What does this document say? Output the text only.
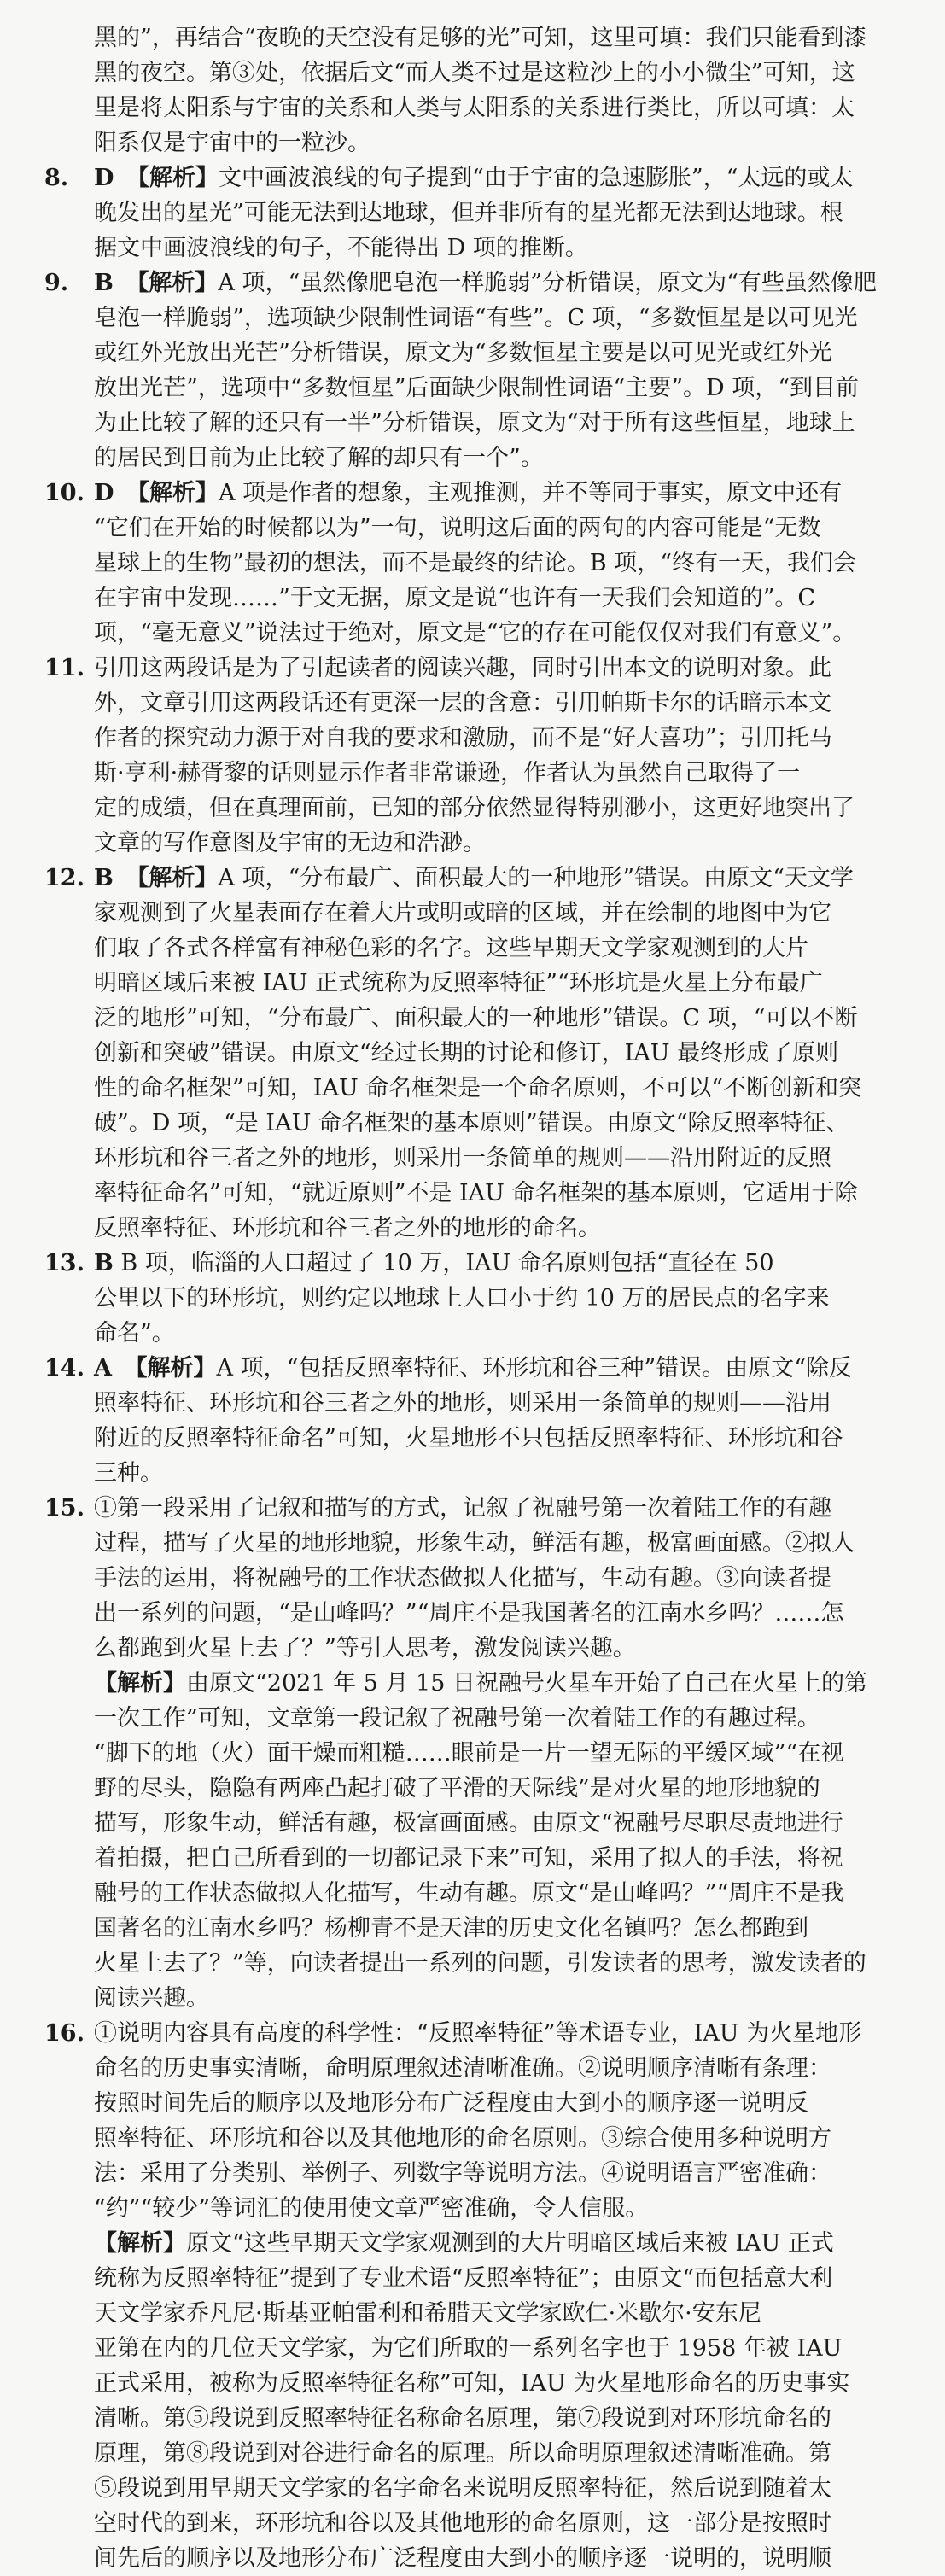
黑的”，再结合“夜晚的天空没有足够的光”可知，这里可填：我们只能看到漆
黑的夜空。第③处，依据后文“而人类不过是这粒沙上的小小微尘”可知，这
里是将太阳系与宇宙的关系和人类与太阳系的关系进行类比，所以可填：太
阳系仅是宇宙中的一粒沙。
8.	D 【解析】文中画波浪线的句子提到“由于宇宙的急速膨胀”，“太远的或太
晚发出的星光”可能无法到达地球，但并非所有的星光都无法到达地球。根
据文中画波浪线的句子，不能得出 D 项的推断。
9.	B 【解析】A 项，“虽然像肥皂泡一样脆弱”分析错误，原文为“有些虽然像肥
皂泡一样脆弱”，选项缺少限制性词语“有些”。C 项，“多数恒星是以可见光
或红外光放出光芒”分析错误，原文为“多数恒星主要是以可见光或红外光
放出光芒”，选项中“多数恒星”后面缺少限制性词语“主要”。D 项，“到目前
为止比较了解的还只有一半”分析错误，原文为“对于所有这些恒星，地球上
的居民到目前为止比较了解的却只有一个”。
10. D 【解析】A 项是作者的想象，主观推测，并不等同于事实，原文中还有
“它们在开始的时候都以为”一句，说明这后面的两句的内容可能是“无数
星球上的生物”最初的想法，而不是最终的结论。B 项，“终有一天，我们会
在宇宙中发现……”于文无据，原文是说“也许有一天我们会知道的”。C
项，“毫无意义”说法过于绝对，原文是“它的存在可能仅仅对我们有意义”。
11. 引用这两段话是为了引起读者的阅读兴趣，同时引出本文的说明对象。此
外，文章引用这两段话还有更深一层的含意：引用帕斯卡尔的话暗示本文
作者的探究动力源于对自我的要求和激励，而不是“好大喜功”；引用托马
斯·亨利·赫胥黎的话则显示作者非常谦逊，作者认为虽然自己取得了一
定的成绩，但在真理面前，已知的部分依然显得特别渺小，这更好地突出了
文章的写作意图及宇宙的无边和浩渺。
12. B 【解析】A 项，“分布最广、面积最大的一种地形”错误。由原文“天文学
家观测到了火星表面存在着大片或明或暗的区域，并在绘制的地图中为它
们取了各式各样富有神秘色彩的名字。这些早期天文学家观测到的大片
明暗区域后来被 IAU 正式统称为反照率特征”“环形坑是火星上分布最广
泛的地形”可知，“分布最广、面积最大的一种地形”错误。C 项，“可以不断
创新和突破”错误。由原文“经过长期的讨论和修订，IAU 最终形成了原则
性的命名框架”可知，IAU 命名框架是一个命名原则，不可以“不断创新和突
破”。D 项，“是 IAU 命名框架的基本原则”错误。由原文“除反照率特征、
环形坑和谷三者之外的地形，则采用一条简单的规则——沿用附近的反照
率特征命名”可知，“就近原则”不是 IAU 命名框架的基本原则，它适用于除
反照率特征、环形坑和谷三者之外的地形的命名。
13. B B 项，临淄的人口超过了 10 万，IAU 命名原则包括“直径在 50
公里以下的环形坑，则约定以地球上人口小于约 10 万的居民点的名字来
命名”。
14. A 【解析】A 项，“包括反照率特征、环形坑和谷三种”错误。由原文“除反
照率特征、环形坑和谷三者之外的地形，则采用一条简单的规则——沿用
附近的反照率特征命名”可知，火星地形不只包括反照率特征、环形坑和谷
三种。
15. ①第一段采用了记叙和描写的方式，记叙了祝融号第一次着陆工作的有趣
过程，描写了火星的地形地貌，形象生动，鲜活有趣，极富画面感。②拟人
手法的运用，将祝融号的工作状态做拟人化描写，生动有趣。③向读者提
出一系列的问题，“是山峰吗？”“周庄不是我国著名的江南水乡吗？……怎
么都跑到火星上去了？”等引人思考，激发阅读兴趣。
【解析】由原文“2021 年 5 月 15 日祝融号火星车开始了自己在火星上的第
一次工作”可知，文章第一段记叙了祝融号第一次着陆工作的有趣过程。
“脚下的地（火）面干燥而粗糙……眼前是一片一望无际的平缓区域”“在视
野的尽头，隐隐有两座凸起打破了平滑的天际线”是对火星的地形地貌的
描写，形象生动，鲜活有趣，极富画面感。由原文“祝融号尽职尽责地进行
着拍摄，把自己所看到的一切都记录下来”可知，采用了拟人的手法，将祝
融号的工作状态做拟人化描写，生动有趣。原文“是山峰吗？”“周庄不是我
国著名的江南水乡吗？杨柳青不是天津的历史文化名镇吗？怎么都跑到
火星上去了？”等，向读者提出一系列的问题，引发读者的思考，激发读者的
阅读兴趣。
16. ①说明内容具有高度的科学性：“反照率特征”等术语专业，IAU 为火星地形
命名的历史事实清晰，命明原理叙述清晰准确。②说明顺序清晰有条理：
按照时间先后的顺序以及地形分布广泛程度由大到小的顺序逐一说明反
照率特征、环形坑和谷以及其他地形的命名原则。③综合使用多种说明方
法：采用了分类别、举例子、列数字等说明方法。④说明语言严密准确：
“约”“较少”等词汇的使用使文章严密准确，令人信服。
【解析】原文“这些早期天文学家观测到的大片明暗区域后来被 IAU 正式
统称为反照率特征”提到了专业术语“反照率特征”；由原文“而包括意大利
天文学家乔凡尼·斯基亚帕雷利和希腊天文学家欧仁·米歇尔·安东尼
亚第在内的几位天文学家，为它们所取的一系列名字也于 1958 年被 IAU
正式采用，被称为反照率特征名称”可知，IAU 为火星地形命名的历史事实
清晰。第⑤段说到反照率特征名称命名原理，第⑦段说到对环形坑命名的
原理，第⑧段说到对谷进行命名的原理。所以命明原理叙述清晰准确。第
⑤段说到用早期天文学家的名字命名来说明反照率特征，然后说到随着太
空时代的到来，环形坑和谷以及其他地形的命名原则，这一部分是按照时
间先后的顺序以及地形分布广泛程度由大到小的顺序逐一说明的，说明顺
